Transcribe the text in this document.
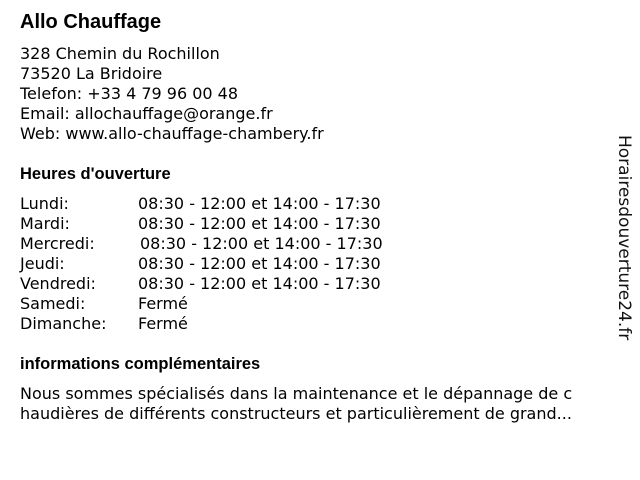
Allo Chauffage
328 Chemin du Rochillon
73520 La Bridoire
Telefon: +33 4 79 96 00 48
Email: allochauffage@orange.fr
Web: www.allo-chauffage-chambery.fr
Heures d'ouverture
Lundi:	08:30 - 12:00 et 14:00 - 17:30
Mardi:	08:30 - 12:00 et 14:00 - 17:30
Mercredi:	08:30 - 12:00 et 14:00 - 17:30
Jeudi:	08:30 - 12:00 et 14:00 - 17:30
Vendredi:	08:30 - 12:00 et 14:00 - 17:30
Samedi:	Fermé
Dimanche: Fermé
informations complémentaires
Nous sommes spécialisés dans la maintenance et le dépannage de c
haudières de différents constructeurs et particulièrement de grand...
Horairesdouverture24.fr
